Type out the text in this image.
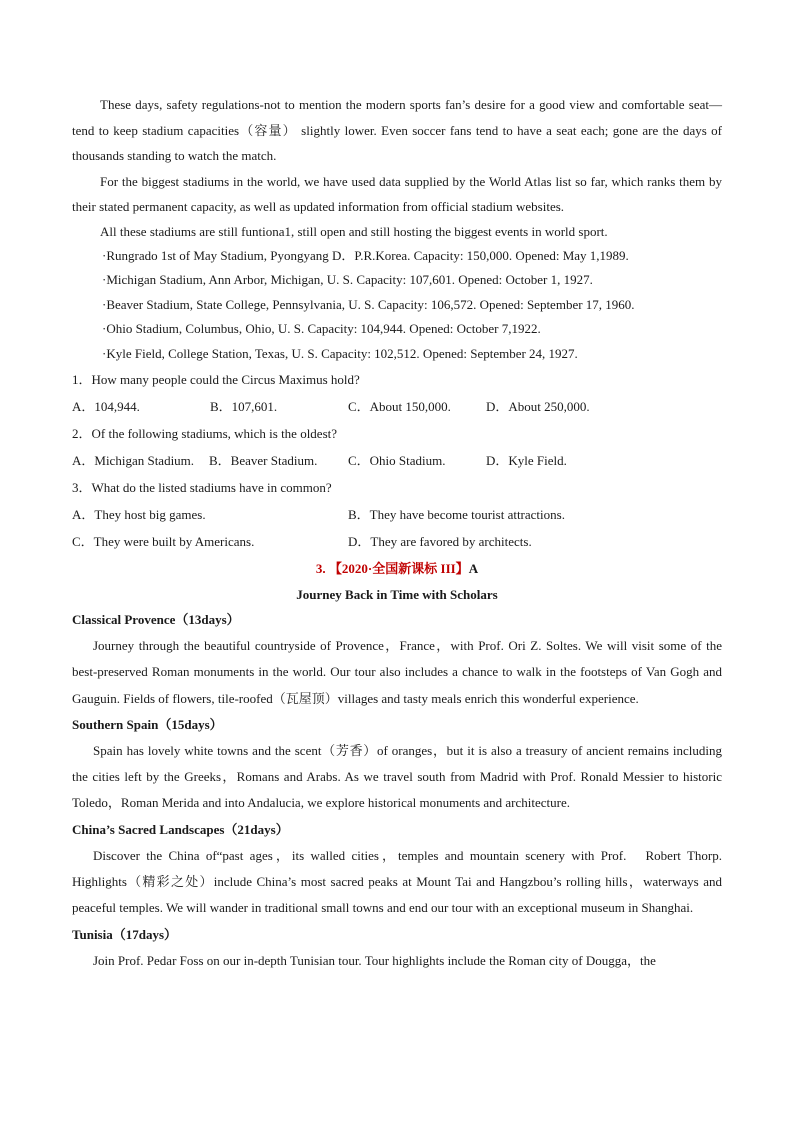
These days, safety regulations-not to mention the modern sports fan’s desire for a good view and comfortable seat—tend to keep stadium capacities（容量） slightly lower. Even soccer fans tend to have a seat each; gone are the days of thousands standing to watch the match.

For the biggest stadiums in the world, we have used data supplied by the World Atlas list so far, which ranks them by their stated permanent capacity, as well as updated information from official stadium websites.

All these stadiums are still funtiona1, still open and still hosting the biggest events in world sport.

·Rungrado 1st of May Stadium, Pyongyang D．P.R.Korea. Capacity: 150,000. Opened: May 1,1989.

·Michigan Stadium, Ann Arbor, Michigan, U. S. Capacity: 107,601. Opened: October 1, 1927.

·Beaver Stadium, State College, Pennsylvania, U. S. Capacity: 106,572. Opened: September 17, 1960.

·Ohio Stadium, Columbus, Ohio, U. S. Capacity: 104,944. Opened: October 7,1922.

·Kyle Field, College Station, Texas, U. S. Capacity: 102,512. Opened: September 24, 1927.

1．How many people could the Circus Maximus hold?

A．104,944.	B．107,601.	C．About 150,000.	D．About 250,000.

2．Of the following stadiums, which is the oldest?

A．Michigan Stadium.	B．Beaver Stadium.	C．Ohio Stadium.	D．Kyle Field.

3．What do the listed stadiums have in common?

A．They host big games.	B．They have become tourist attractions.
C．They were built by Americans.	D．They are favored by architects.

3. 【2020·全国新课标 III】A

Journey Back in Time with Scholars

Classical Provence（13days）

Journey through the beautiful countryside of Provence，France，with Prof. Ori Z. Soltes. We will visit some of the best-preserved Roman monuments in the world. Our tour also includes a chance to walk in the footsteps of Van Gogh and Gauguin. Fields of flowers, tile-roofed（瓦屋顶）villages and tasty meals enrich this wonderful experience.

Southern Spain（15days）

Spain has lovely white towns and the scent（芳香）of oranges，but it is also a treasury of ancient remains including the cities left by the Greeks，Romans and Arabs. As we travel south from Madrid with Prof. Ronald Messier to historic Toledo，Roman Merida and into Andalucia, we explore historical monuments and architecture.

China’s Sacred Landscapes（21days）

Discover the China of“past ages，its walled cities，temples and mountain scenery with Prof.　Robert Thorp. Highlights（精彩之处）include China’s most sacred peaks at Mount Tai and Hangzbou’s rolling hills，waterways and peaceful temples. We will wander in traditional small towns and end our tour with an exceptional museum in Shanghai.

Tunisia（17days）

Join Prof. Pedar Foss on our in-depth Tunisian tour. Tour highlights include the Roman city of Dougga，the
